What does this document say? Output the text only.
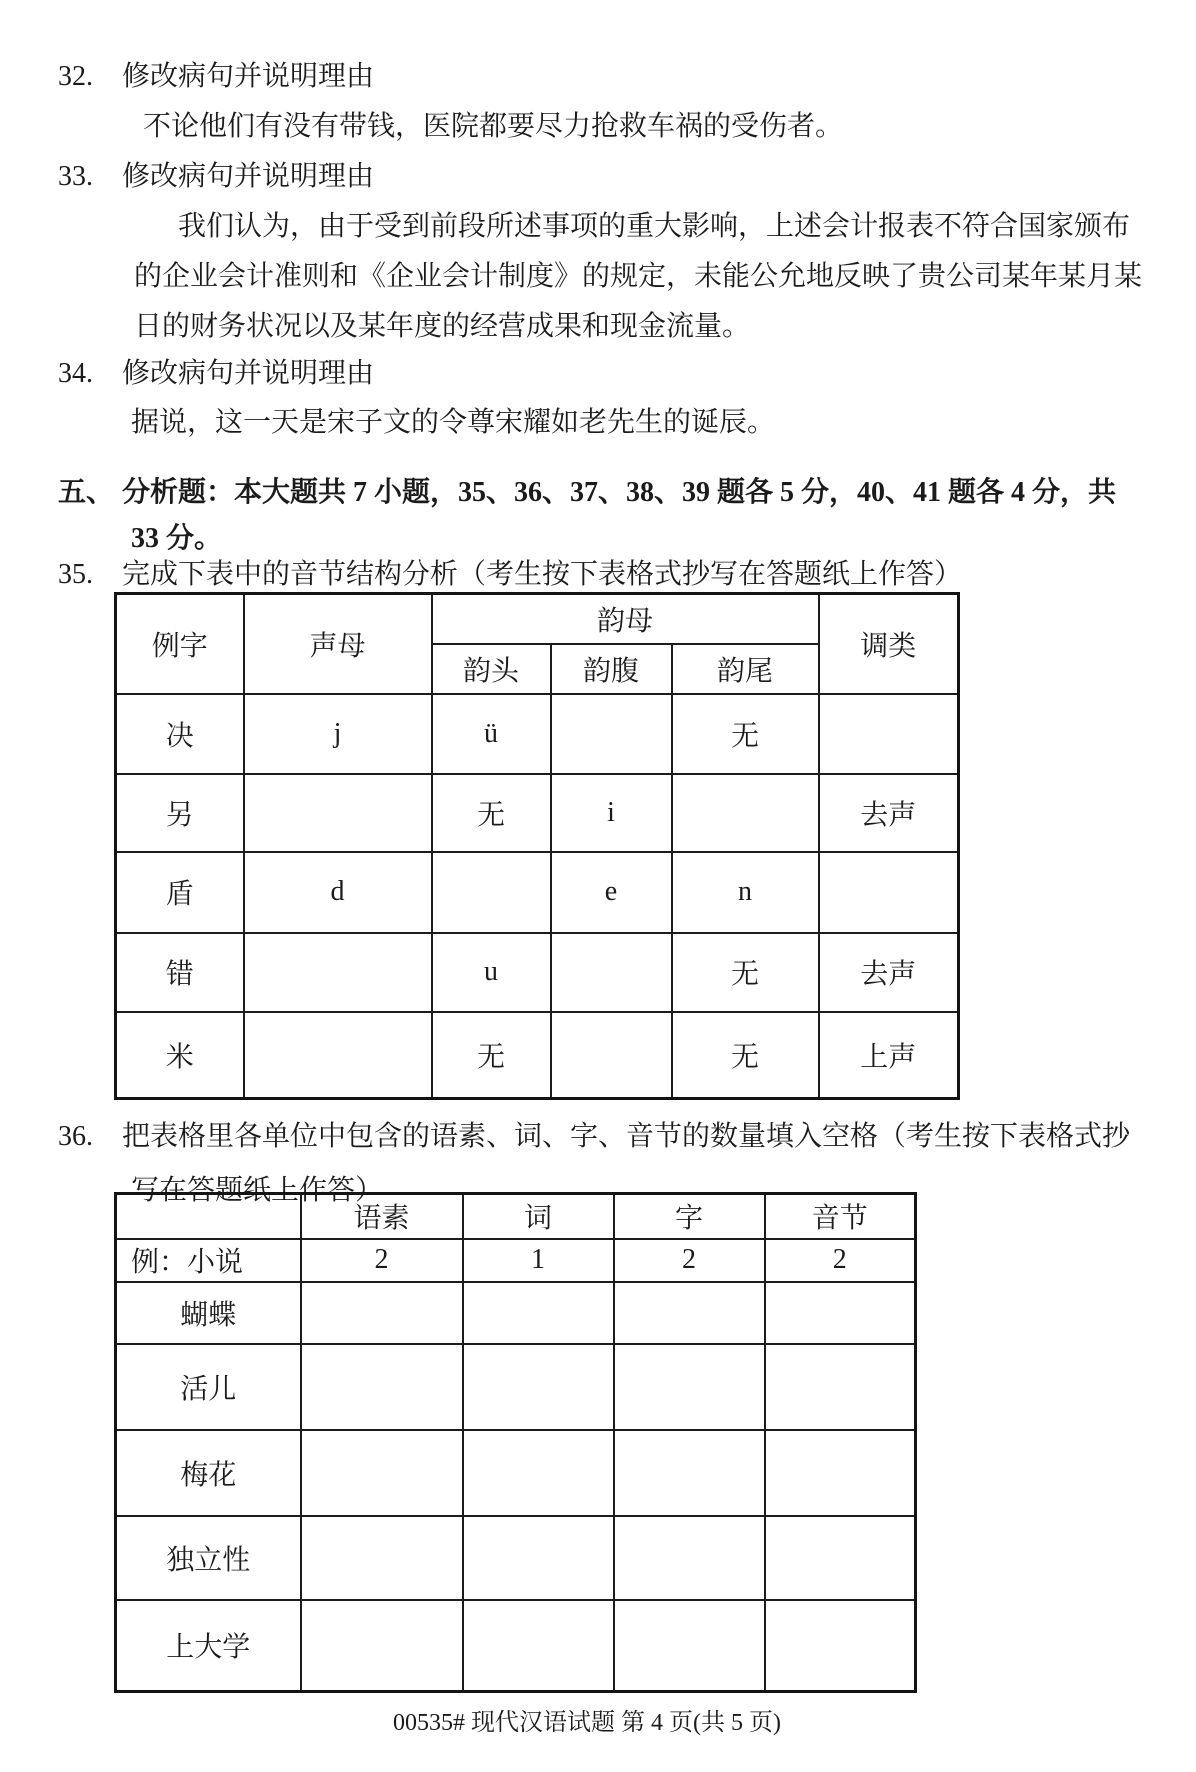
32. 修改病句并说明理由
不论他们有没有带钱，医院都要尽力抢救车祸的受伤者。
33. 修改病句并说明理由
我们认为，由于受到前段所述事项的重大影响，上述会计报表不符合国家颁布
的企业会计准则和《企业会计制度》的规定，未能公允地反映了贵公司某年某月某
日的财务状况以及某年度的经营成果和现金流量。
34. 修改病句并说明理由
据说，这一天是宋子文的令尊宋耀如老先生的诞辰。
五、 分析题：本大题共 7 小题，35、36、37、38、39 题各 5 分，40、41 题各 4 分，共
33 分。
35. 完成下表中的音节结构分析（考生按下表格式抄写在答题纸上作答）
例字	声母	韵母			调类
		韵头	韵腹	韵尾	
决	j	ü		无	
另		无	i		去声
盾	d		e	n	
错		u		无	去声
米		无		无	上声
36. 把表格里各单位中包含的语素、词、字、音节的数量填入空格（考生按下表格式抄
写在答题纸上作答）
	语素	词	字	音节
例：小说	2	1	2	2
蝴蝶				
活儿				
梅花				
独立性				
上大学				
00535# 现代汉语试题 第 4 页(共 5 页)
